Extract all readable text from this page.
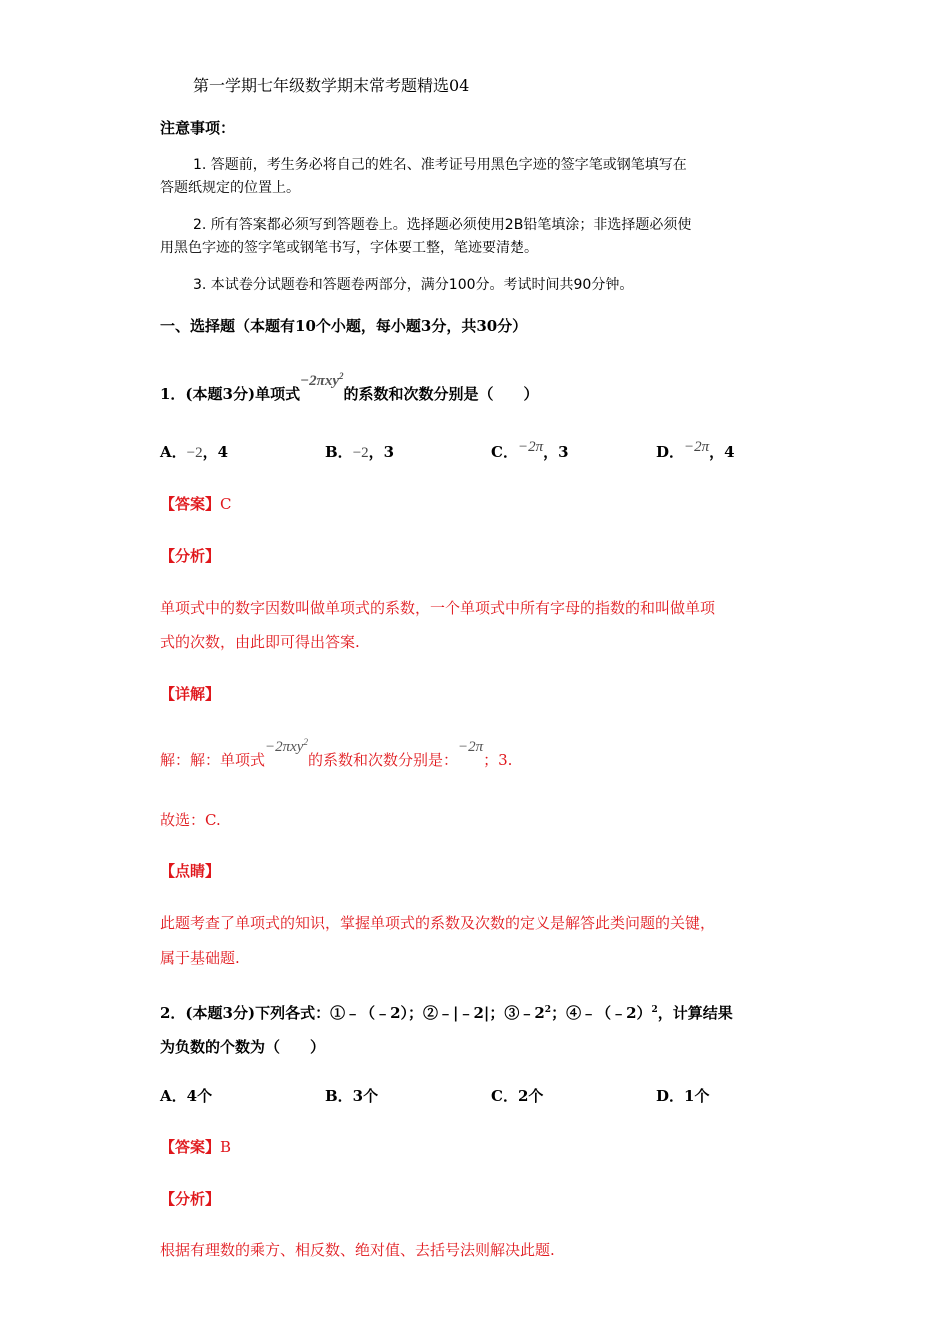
第一学期七年级数学期末常考题精选04
注意事项：
1. 答题前，考生务必将自己的姓名、准考证号用黑色字迹的签字笔或钢笔填写在
答题纸规定的位置上。
2. 所有答案都必须写到答题卷上。选择题必须使用2B铅笔填涂；非选择题必须使
用黑色字迹的签字笔或钢笔书写，字体要工整，笔迹要清楚。
3. 本试卷分试题卷和答题卷两部分，满分100分。考试时间共90分钟。
一、选择题（本题有10个小题，每小题3分，共30分）
1．(本题3分)单项式−2πxy$^2$的系数和次数分别是（　　）
A．−2，4	B．−2，3	C．−2π，3	D．−2π，4
【答案】C
【分析】
单项式中的数字因数叫做单项式的系数，一个单项式中所有字母的指数的和叫做单项
式的次数，由此即可得出答案.
【详解】
解：解：单项式−2πxy$^2$的系数和次数分别是：−2π；3.
故选：C.
【点睛】
此题考查了单项式的知识，掌握单项式的系数及次数的定义是解答此类问题的关键，
属于基础题.
2．(本题3分)下列各式：①﹣（﹣2）；②﹣|﹣2|；$③﹣2^2$；④﹣（﹣2）$^2$，计算结果
为负数的个数为（　　）
A．4个	B．3个	C．2个	D．1个
【答案】B
【分析】
根据有理数的乘方、相反数、绝对值、去括号法则解决此题.
